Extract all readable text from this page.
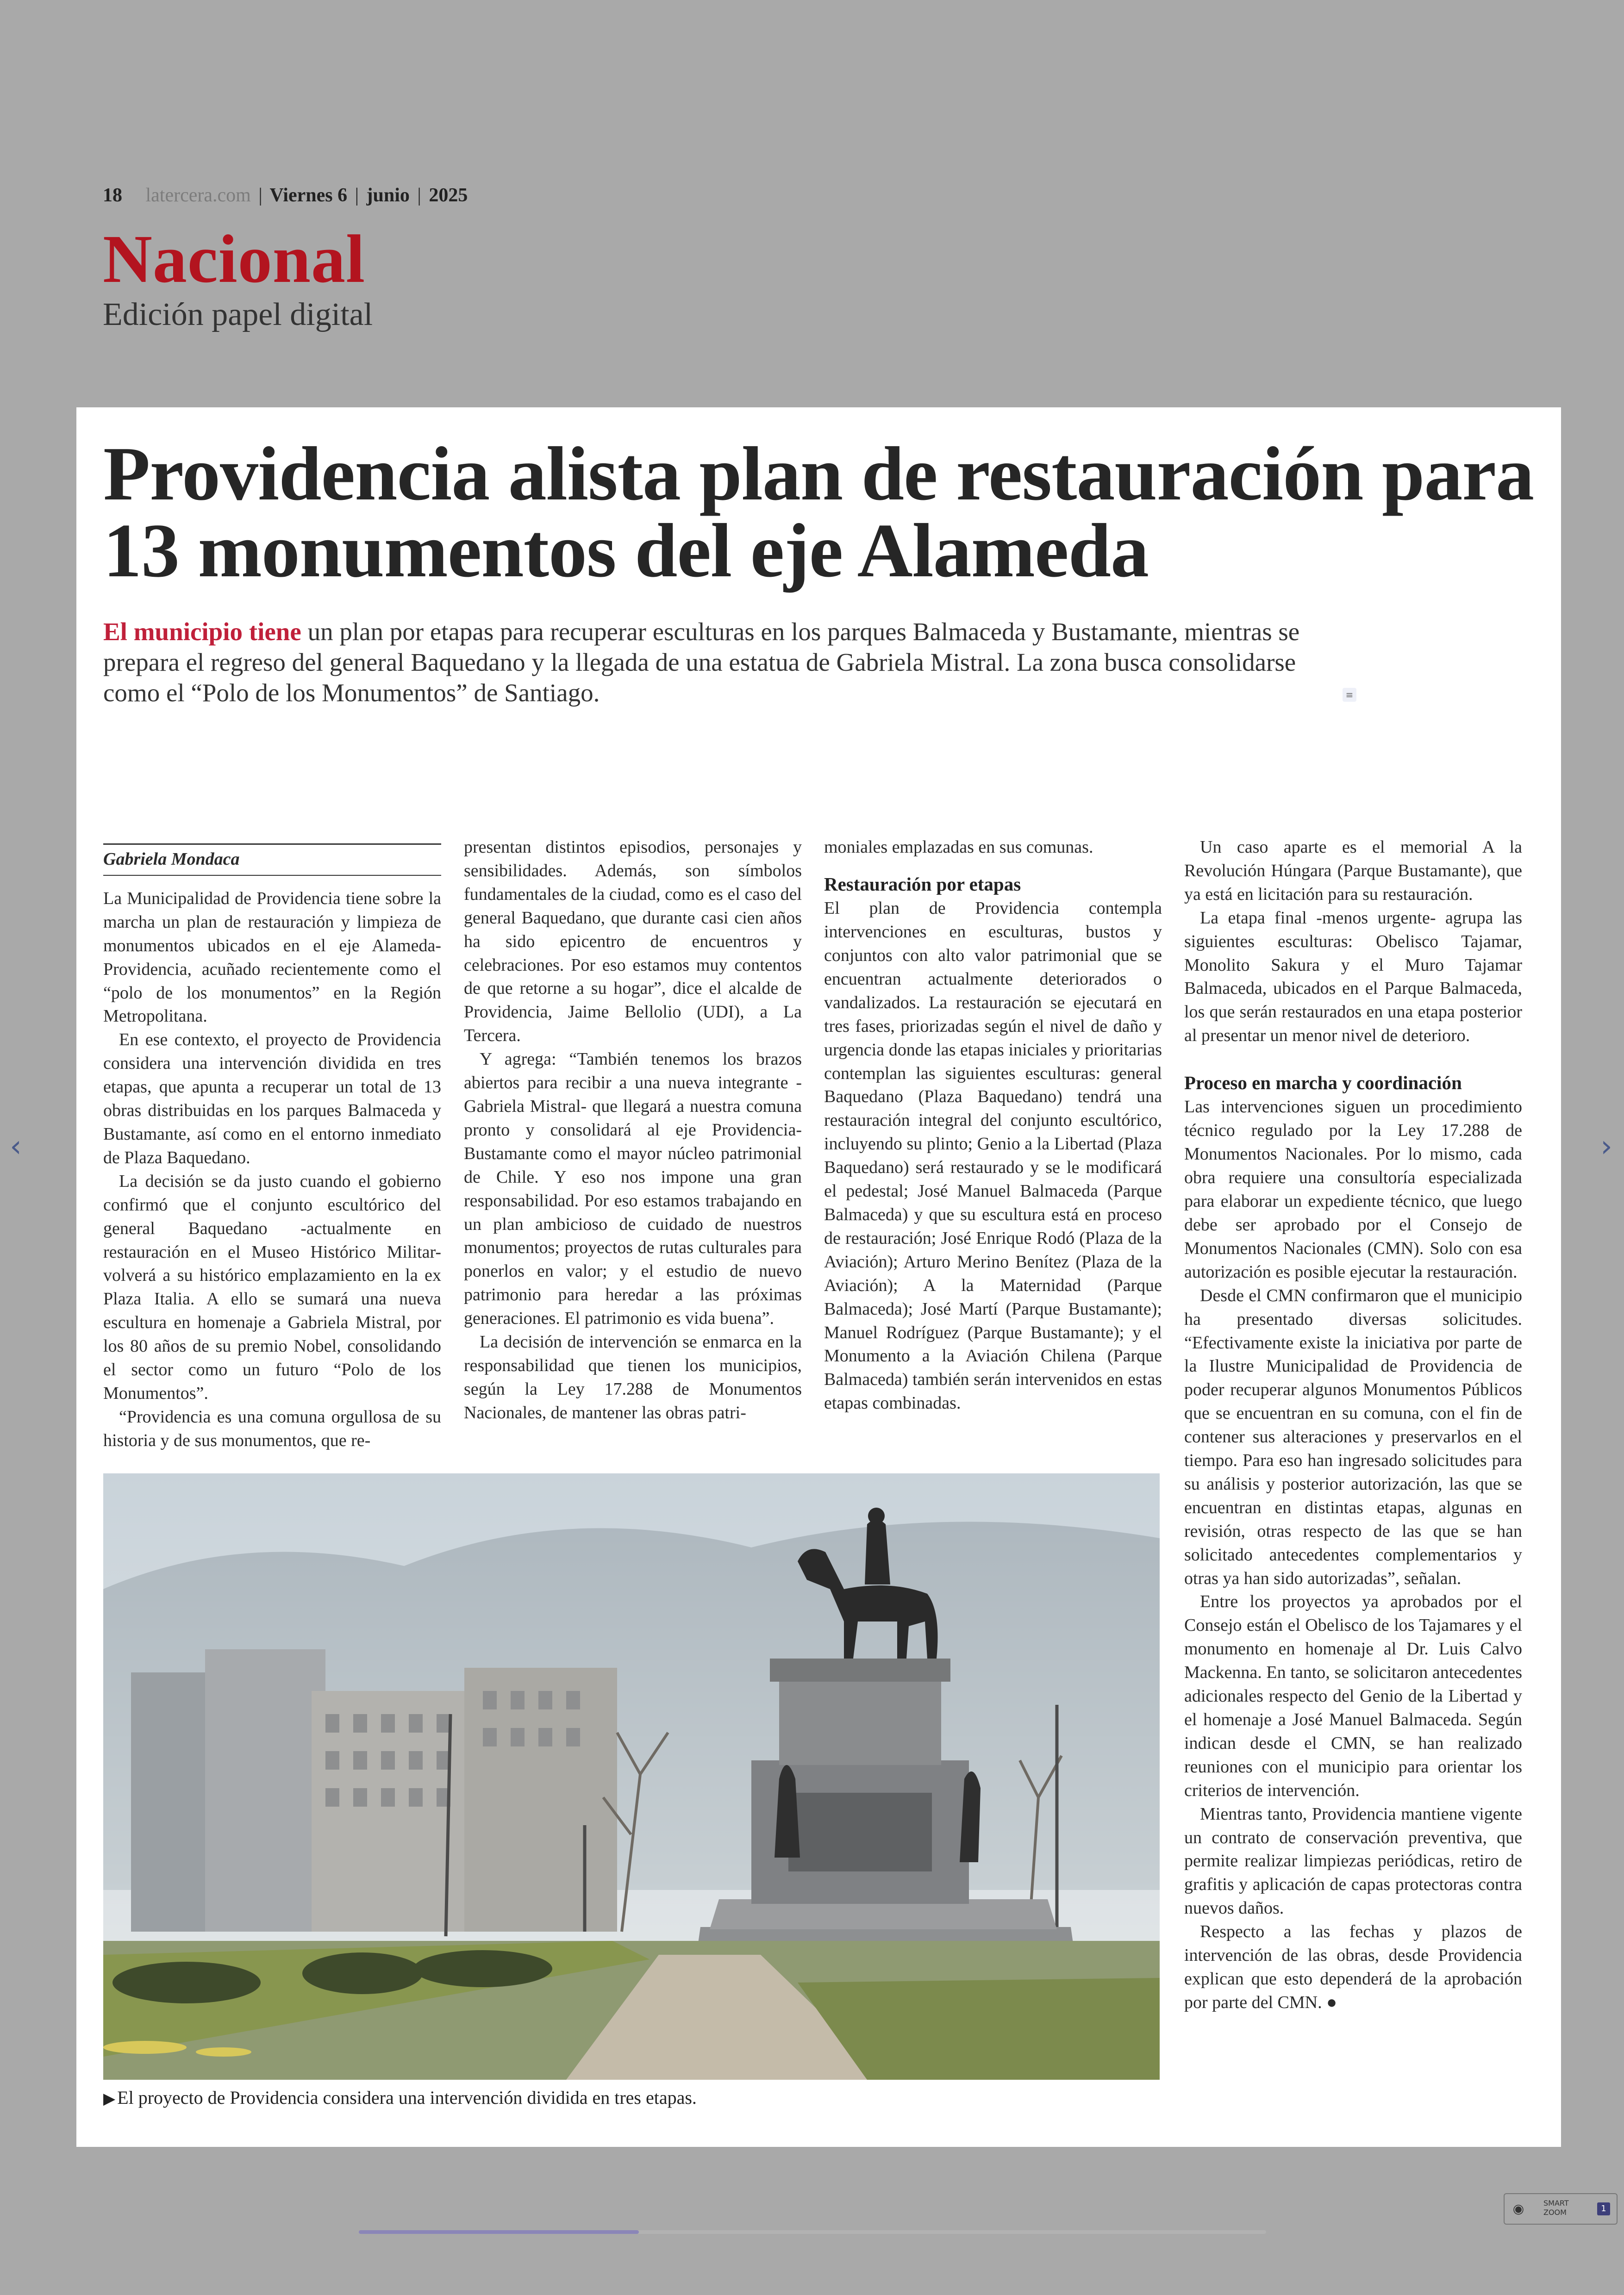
18 latercera.com | Viernes 6 | junio | 2025
Nacional
Edición papel digital
Providencia alista plan de restauración para 13 monumentos del eje Alameda
El municipio tiene un plan por etapas para recuperar esculturas en los parques Balmaceda y Bustamante, mientras se prepara el regreso del general Baquedano y la llegada de una estatua de Gabriela Mistral. La zona busca consolidarse como el “Polo de los Monumentos” de Santiago.	≡
Gabriela Mondaca

La Municipalidad de Providencia tiene sobre la marcha un plan de restauración y limpieza de monumentos ubicados en el eje Alameda-Providencia, acuñado recientemente como el “polo de los monumentos” en la Región Metropolitana.

En ese contexto, el proyecto de Providencia considera una intervención dividida en tres etapas, que apunta a recuperar un total de 13 obras distribuidas en los parques Balmaceda y Bustamante, así como en el entorno inmediato de Plaza Baquedano.

La decisión se da justo cuando el gobierno confirmó que el conjunto escultórico del general Baquedano -actualmente en restauración en el Museo Histórico Militar- volverá a su histórico emplazamiento en la ex Plaza Italia. A ello se sumará una nueva escultura en homenaje a Gabriela Mistral, por los 80 años de su premio Nobel, consolidando el sector como un futuro “Polo de los Monumentos”.

“Providencia es una comuna orgullosa de su historia y de sus monumentos, que re-

presentan distintos episodios, personajes y sensibilidades. Además, son símbolos fundamentales de la ciudad, como es el caso del general Baquedano, que durante casi cien años ha sido epicentro de encuentros y celebraciones. Por eso estamos muy contentos de que retorne a su hogar”, dice el alcalde de Providencia, Jaime Bellolio (UDI), a La Tercera.

Y agrega: “También tenemos los brazos abiertos para recibir a una nueva integrante -Gabriela Mistral- que llegará a nuestra comuna pronto y consolidará al eje Providencia-Bustamante como el mayor núcleo patrimonial de Chile. Y eso nos impone una gran responsabilidad. Por eso estamos trabajando en un plan ambicioso de cuidado de nuestros monumentos; proyectos de rutas culturales para ponerlos en valor; y el estudio de nuevo patrimonio para heredar a las próximas generaciones. El patrimonio es vida buena”.

La decisión de intervención se enmarca en la responsabilidad que tienen los municipios, según la Ley 17.288 de Monumentos Nacionales, de mantener las obras patri-

moniales emplazadas en sus comunas.

Restauración por etapas

El plan de Providencia contempla intervenciones en esculturas, bustos y conjuntos con alto valor patrimonial que se encuentran actualmente deteriorados o vandalizados. La restauración se ejecutará en tres fases, priorizadas según el nivel de daño y urgencia donde las etapas iniciales y prioritarias contemplan las siguientes esculturas: general Baquedano (Plaza Baquedano) tendrá una restauración integral del conjunto escultórico, incluyendo su plinto; Genio a la Libertad (Plaza Baquedano) será restaurado y se le modificará el pedestal; José Manuel Balmaceda (Parque Balmaceda) y que su escultura está en proceso de restauración; José Enrique Rodó (Plaza de la Aviación); Arturo Merino Benítez (Plaza de la Aviación); A la Maternidad (Parque Balmaceda); José Martí (Parque Bustamante); Manuel Rodríguez (Parque Bustamante); y el Monumento a la Aviación Chilena (Parque Balmaceda) también serán intervenidos en estas etapas combinadas.

Un caso aparte es el memorial A la Revolución Húngara (Parque Bustamante), que ya está en licitación para su restauración.

La etapa final -menos urgente- agrupa las siguientes esculturas: Obelisco Tajamar, Monolito Sakura y el Muro Tajamar Balmaceda, ubicados en el Parque Balmaceda, los que serán restaurados en una etapa posterior al presentar un menor nivel de deterioro.

Proceso en marcha y coordinación

Las intervenciones siguen un procedimiento técnico regulado por la Ley 17.288 de Monumentos Nacionales. Por lo mismo, cada obra requiere una consultoría especializada para elaborar un expediente técnico, que luego debe ser aprobado por el Consejo de Monumentos Nacionales (CMN). Solo con esa autorización es posible ejecutar la restauración.

Desde el CMN confirmaron que el municipio ha presentado diversas solicitudes. “Efectivamente existe la iniciativa por parte de la Ilustre Municipalidad de Providencia de poder recuperar algunos Monumentos Públicos que se encuentran en su comuna, con el fin de contener sus alteraciones y preservarlos en el tiempo. Para eso han ingresado solicitudes para su análisis y posterior autorización, las que se encuentran en distintas etapas, algunas en revisión, otras respecto de las que se han solicitado antecedentes complementarios y otras ya han sido autorizadas”, señalan.

Entre los proyectos ya aprobados por el Consejo están el Obelisco de los Tajamares y el monumento en homenaje al Dr. Luis Calvo Mackenna. En tanto, se solicitaron antecedentes adicionales respecto del Genio de la Libertad y el homenaje a José Manuel Balmaceda. Según indican desde el CMN, se han realizado reuniones con el municipio para orientar los criterios de intervención.

Mientras tanto, Providencia mantiene vigente un contrato de conservación preventiva, que permite realizar limpiezas periódicas, retiro de grafitis y aplicación de capas protectoras contra nuevos daños.

Respecto a las fechas y plazos de intervención de las obras, desde Providencia explican que esto dependerá de la aprobación por parte del CMN. ●

▶ El proyecto de Providencia considera una intervención dividida en tres etapas.
‹	›
◉	SMART
ZOOM	1
